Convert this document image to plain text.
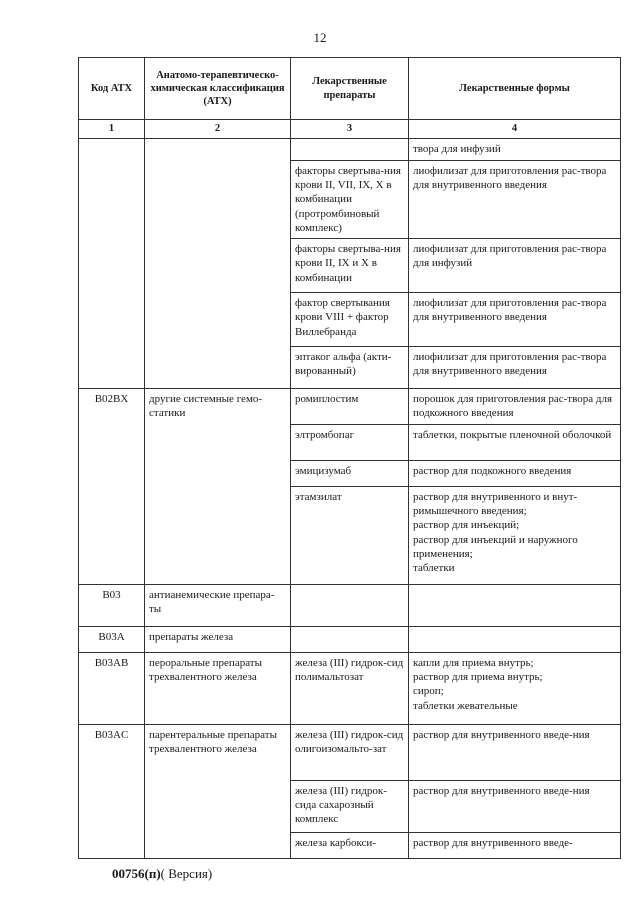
12
Код АТХ	Анатомо-терапевтическо-химическая классификация (АТХ)	Лекарственные препараты	Лекарственные формы
1	2	3	4

			твора для инфузий

		факторы свертыва-ния крови II, VII, IX, X в комбинации (протромбиновый комплекс)	лиофилизат для приготовления рас-твора для внутривенного введения

		факторы свертыва-ния крови II, IX и X в комбинации	лиофилизат для приготовления рас-твора для инфузий

		фактор свертывания крови VIII + фактор Виллебранда	лиофилизат для приготовления рас-твора для внутривенного введения

		эптаког альфа (акти-вированный)	лиофилизат для приготовления рас-твора для внутривенного введения

B02BX	другие системные гемо-статики	ромиплостим	порошок для приготовления рас-твора для подкожного введения

		элтромбопаг	таблетки, покрытые пленочной оболочкой

		эмицизумаб	раствор для подкожного введения

		этамзилат	раствор для внутривенного и внут-римышечного введения;
раствор для инъекций;
раствор для инъекций и наружного применения;
таблетки

B03	антианемические препара-ты		
B03A	препараты железа		
B03AB	пероральные препараты трехвалентного железа	железа (III) гидрок-сид полимальтозат	капли для приема внутрь;
раствор для приема внутрь;
сироп;
таблетки жевательные

B03AC	парентеральные препараты трехвалентного железа	железа (III) гидрок-сид олигоизомальто-зат	раствор для внутривенного введе-ния

		железа (III) гидрок-сида сахарозный комплекс	раствор для внутривенного введе-ния

		железа карбокси-	раствор для внутривенного введе-
00756(п)( Версия)
